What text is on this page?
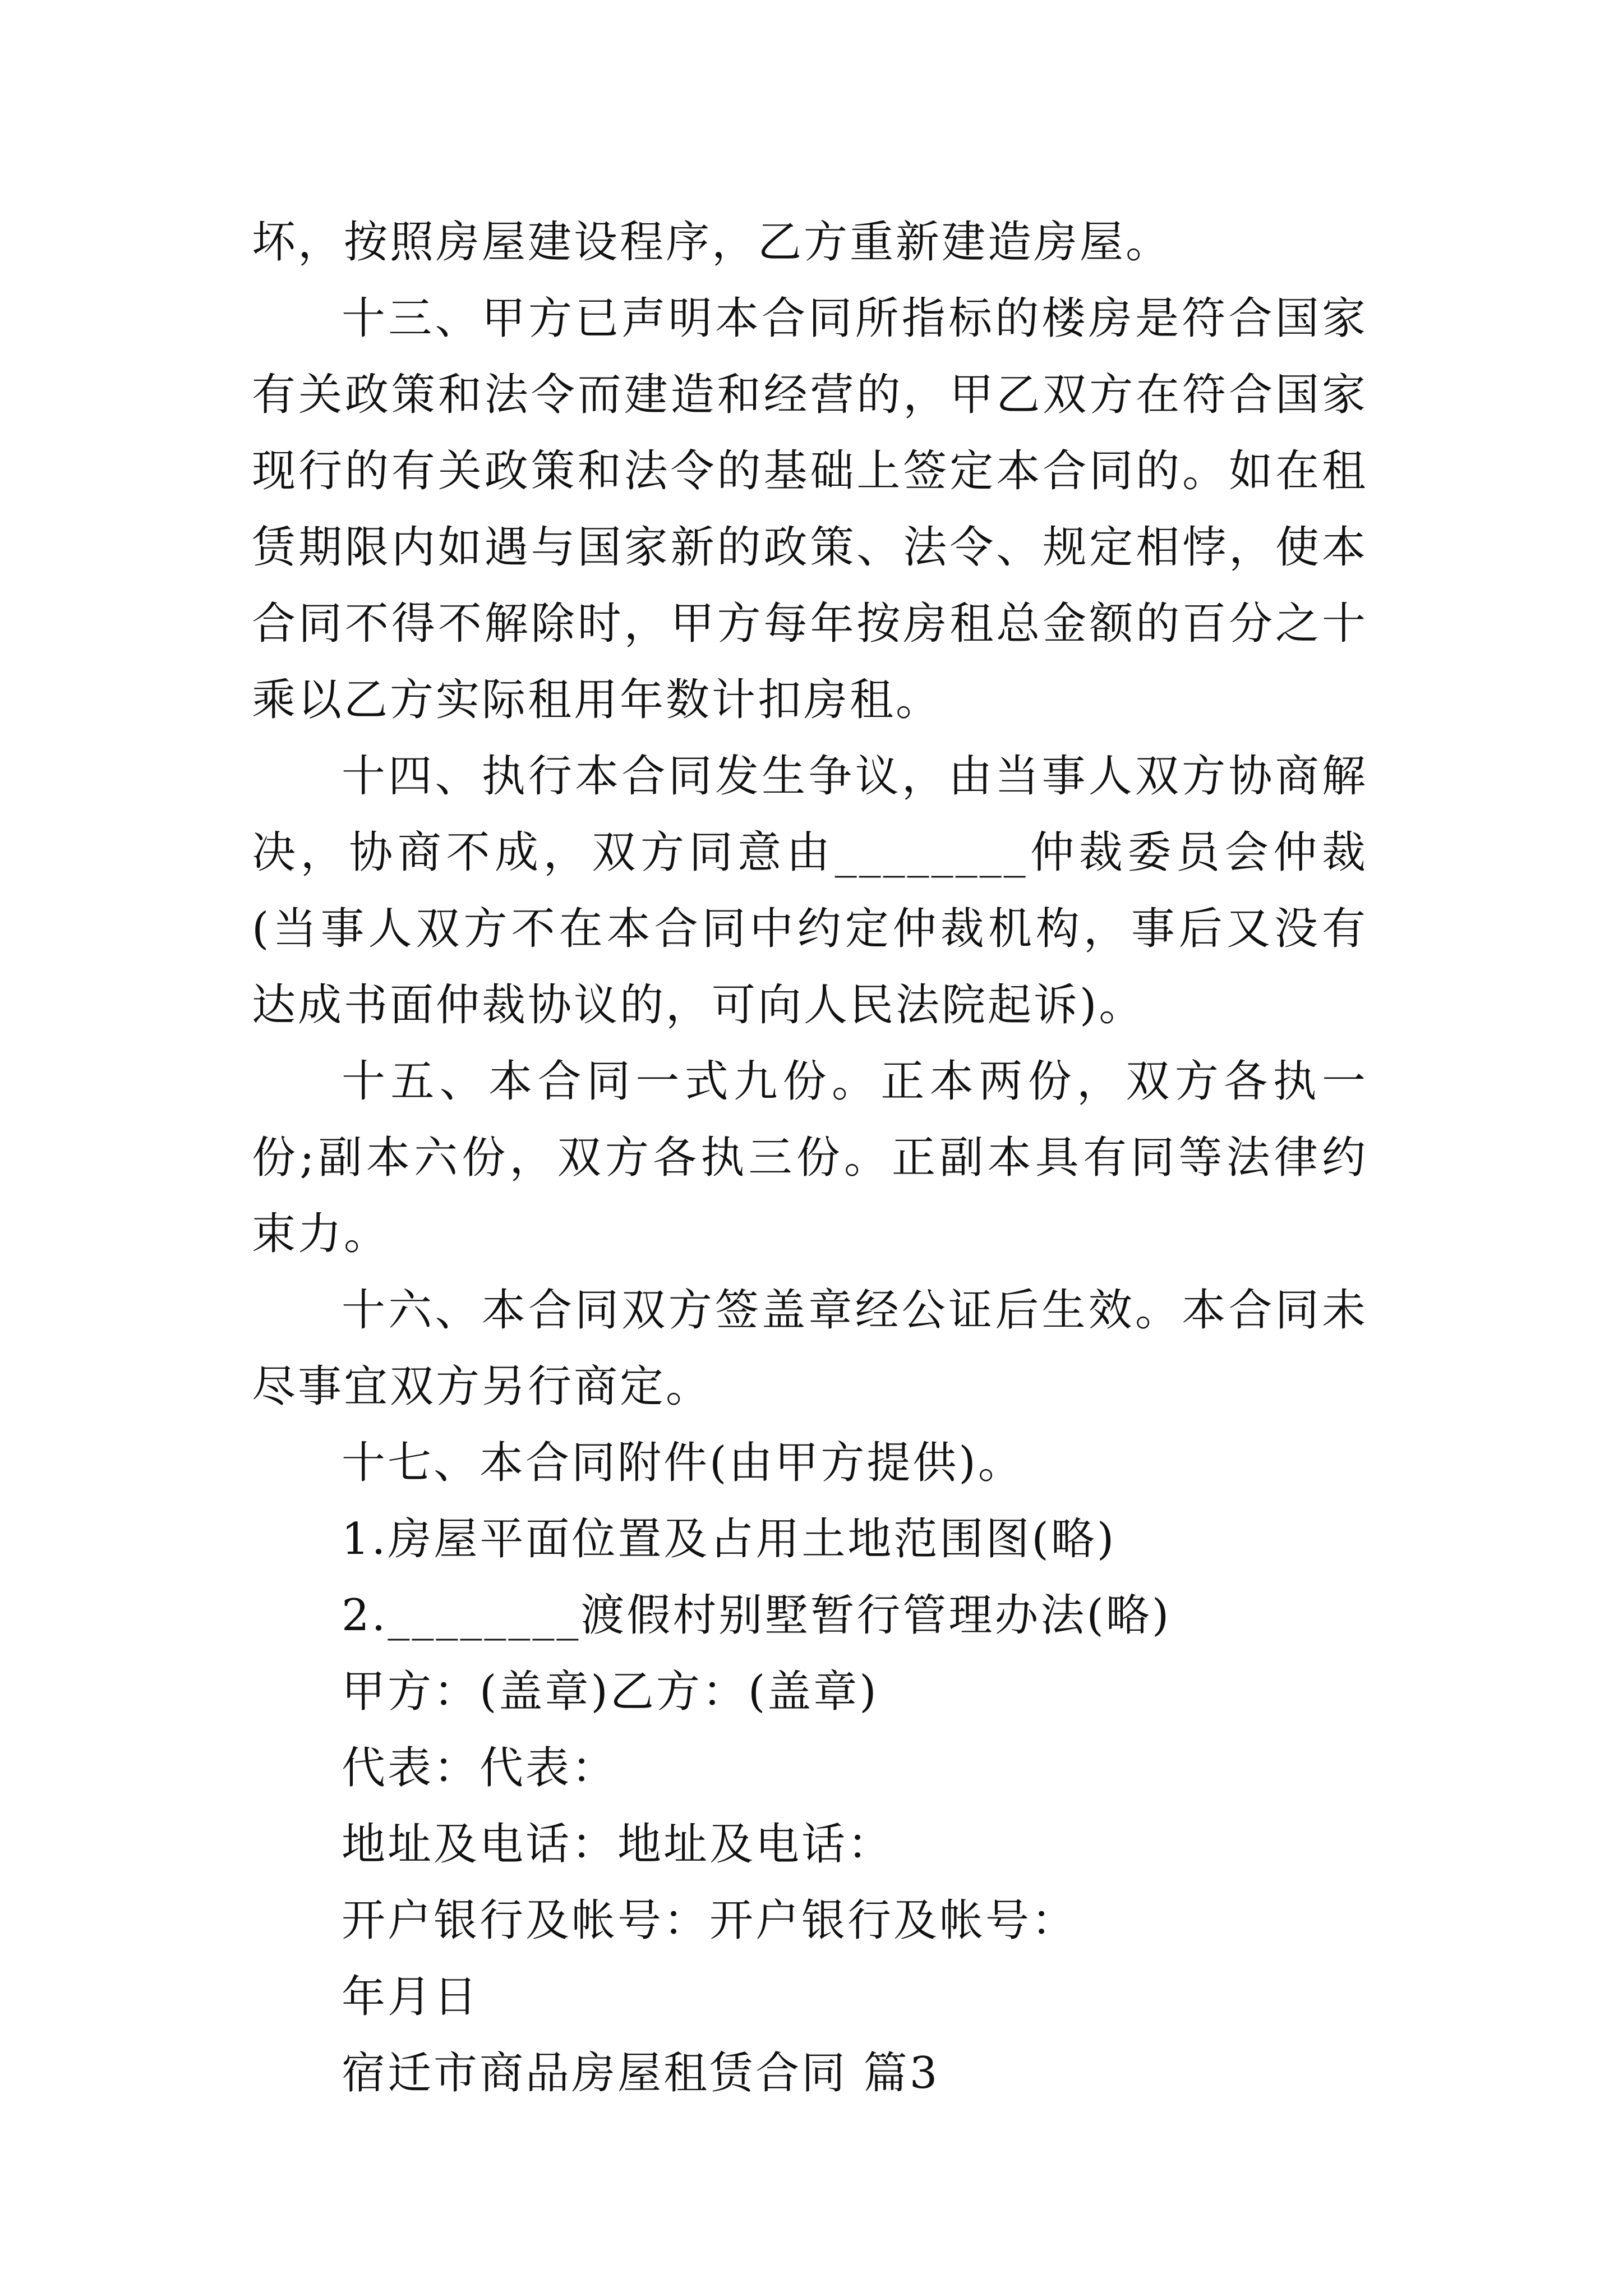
坏，按照房屋建设程序，乙方重新建造房屋。

十三、甲方已声明本合同所指标的楼房是符合国家有关政策和法令而建造和经营的，甲乙双方在符合国家现行的有关政策和法令的基础上签定本合同的。如在租赁期限内如遇与国家新的政策、法令、规定相悖，使本合同不得不解除时，甲方每年按房租总金额的百分之十乘以乙方实际租用年数计扣房租。

十四、执行本合同发生争议，由当事人双方协商解决，协商不成，双方同意由________仲裁委员会仲裁(当事人双方不在本合同中约定仲裁机构，事后又没有达成书面仲裁协议的，可向人民法院起诉)。

十五、本合同一式九份。正本两份，双方各执一份;副本六份，双方各执三份。正副本具有同等法律约束力。

十六、本合同双方签盖章经公证后生效。本合同未尽事宜双方另行商定。

十七、本合同附件(由甲方提供)。

1.房屋平面位置及占用土地范围图(略)

2.________渡假村别墅暂行管理办法(略)

甲方：(盖章)乙方：(盖章)

代表：代表：

地址及电话：地址及电话：

开户银行及帐号：开户银行及帐号：

年月日

宿迁市商品房屋租赁合同 篇3
